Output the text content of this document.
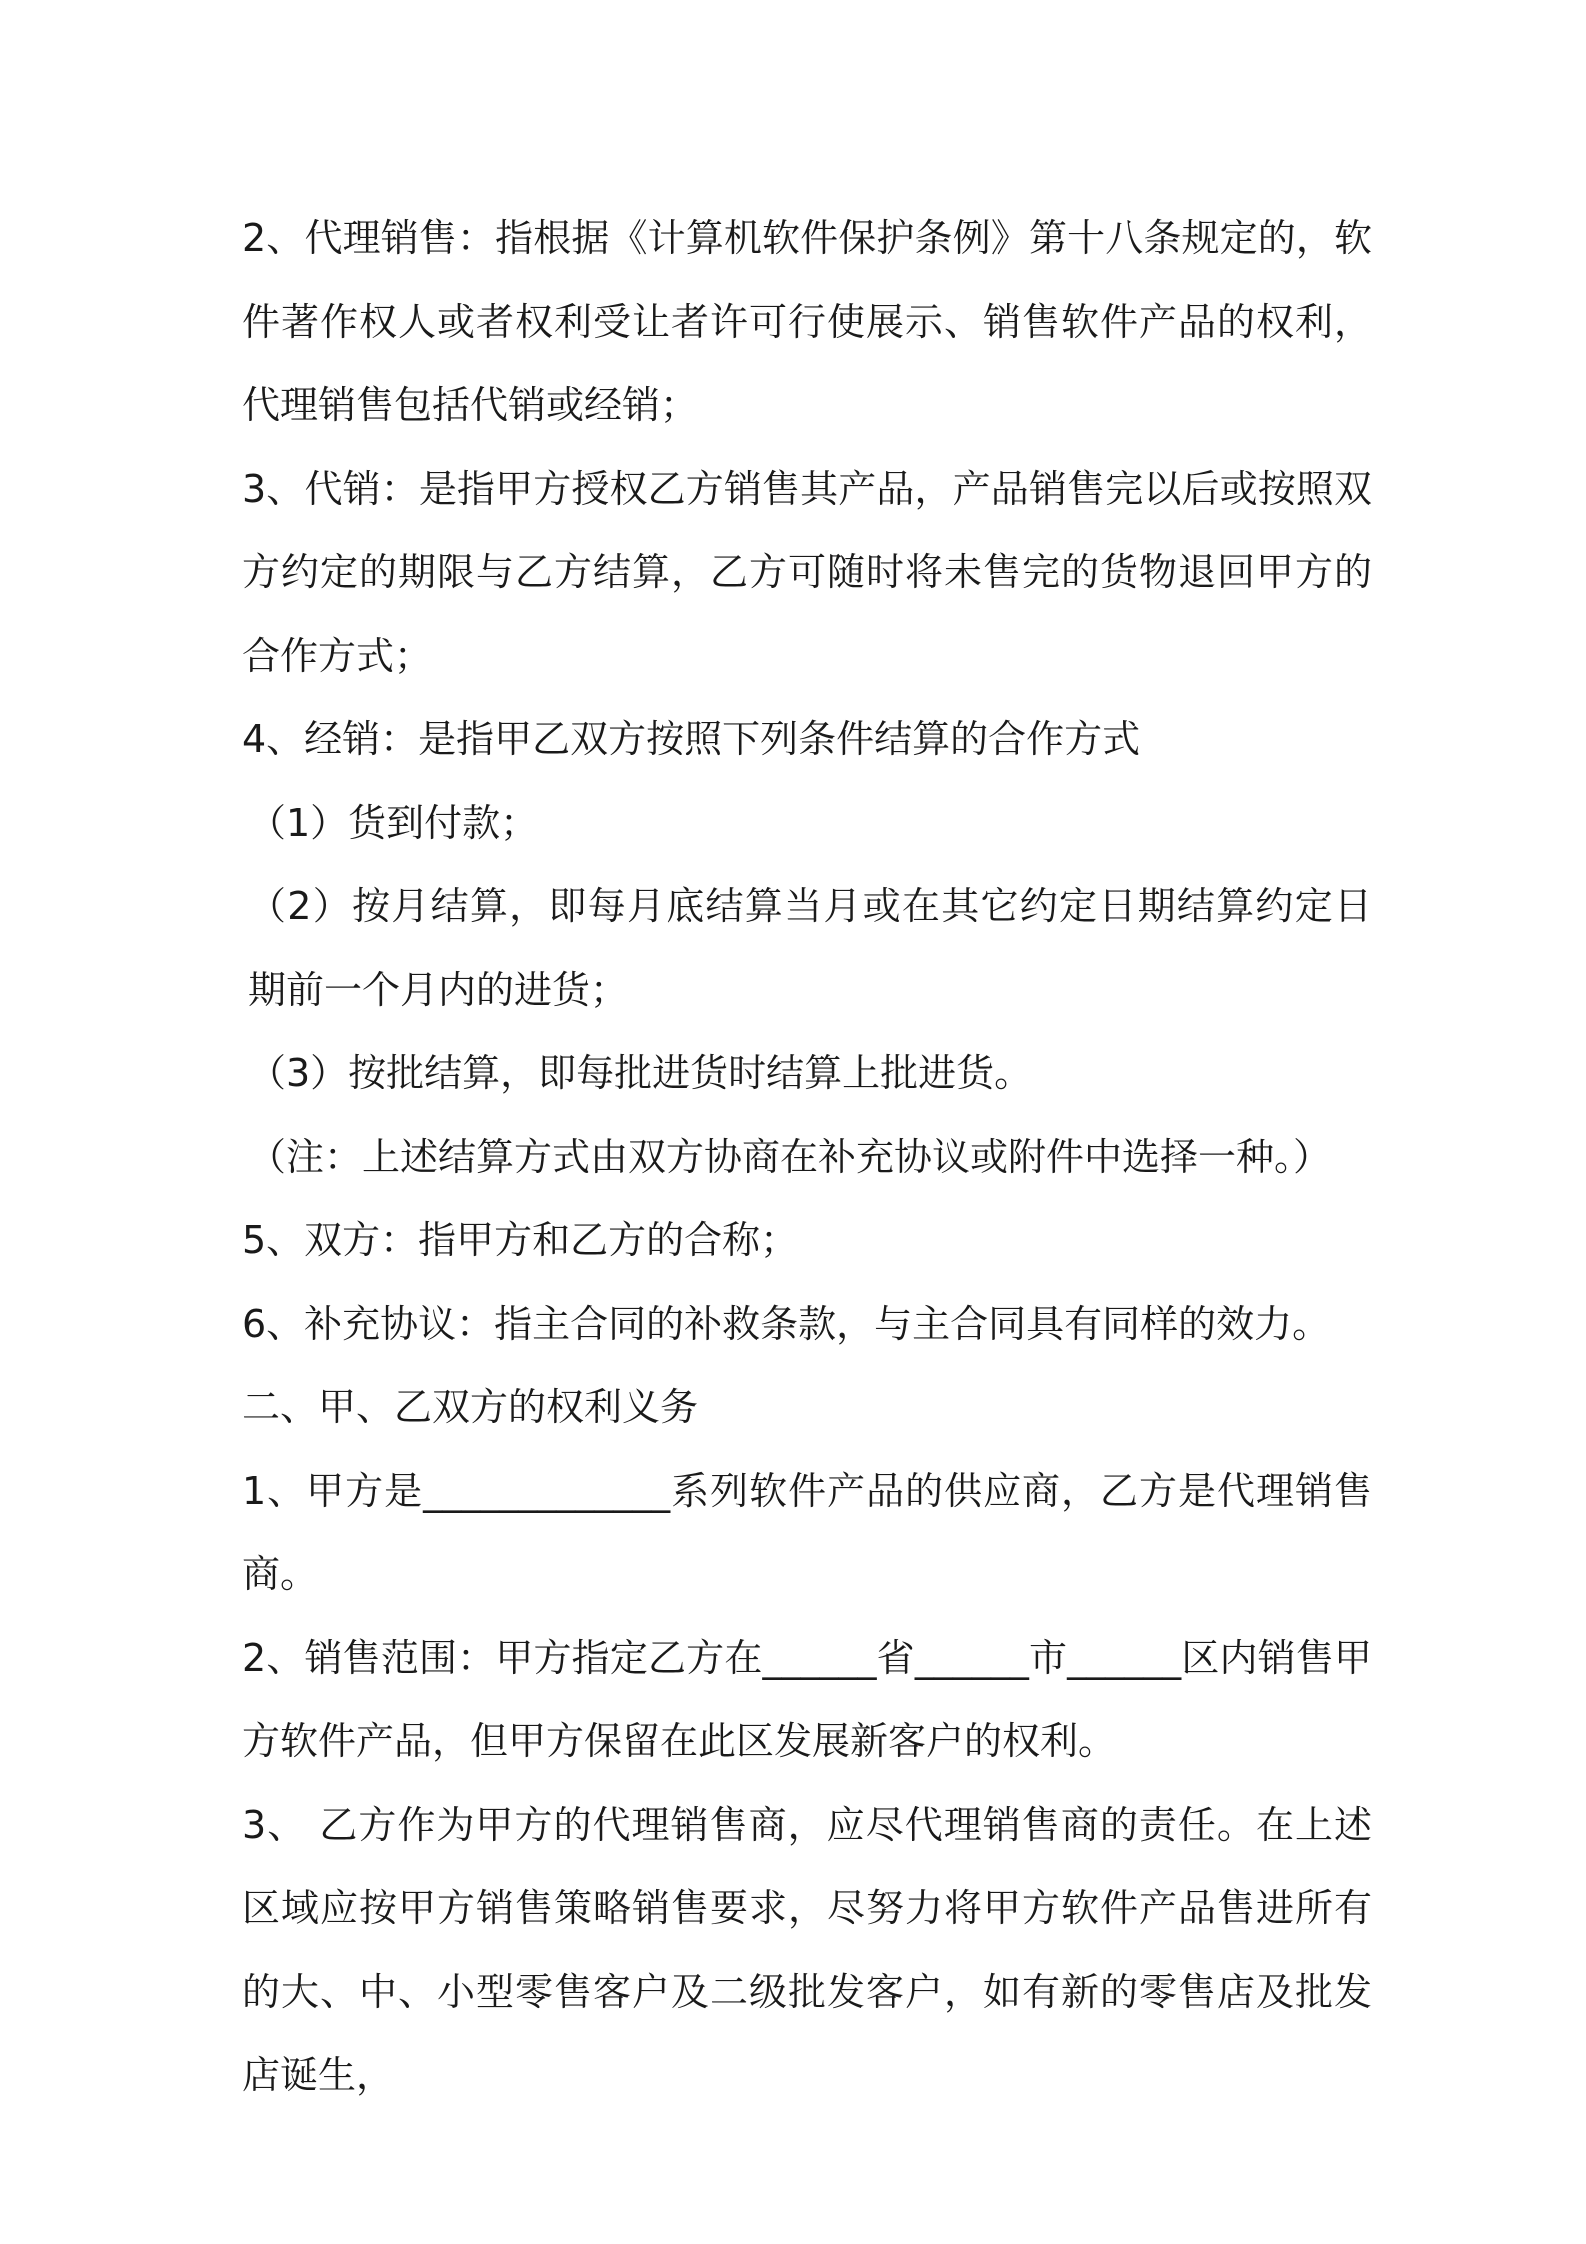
2、代理销售：指根据《计算机软件保护条例》第十八条规定的，软件著作权人或者权利受让者许可行使展示、销售软件产品的权利，代理销售包括代销或经销；

3、代销：是指甲方授权乙方销售其产品，产品销售完以后或按照双方约定的期限与乙方结算，乙方可随时将未售完的货物退回甲方的合作方式；

4、经销：是指甲乙双方按照下列条件结算的合作方式

（1）货到付款；

（2）按月结算，即每月底结算当月或在其它约定日期结算约定日期前一个月内的进货；

（3）按批结算，即每批进货时结算上批进货。

（注：上述结算方式由双方协商在补充协议或附件中选择一种。）

5、双方：指甲方和乙方的合称；

6、补充协议：指主合同的补救条款，与主合同具有同样的效力。

二、甲、乙双方的权利义务

1、甲方是_____________系列软件产品的供应商，乙方是代理销售商。

2、销售范围：甲方指定乙方在______省______市______区内销售甲方软件产品，但甲方保留在此区发展新客户的权利。

3、 乙方作为甲方的代理销售商，应尽代理销售商的责任。在上述区域应按甲方销售策略销售要求，尽努力将甲方软件产品售进所有的大、中、小型零售客户及二级批发客户，如有新的零售店及批发店诞生，
